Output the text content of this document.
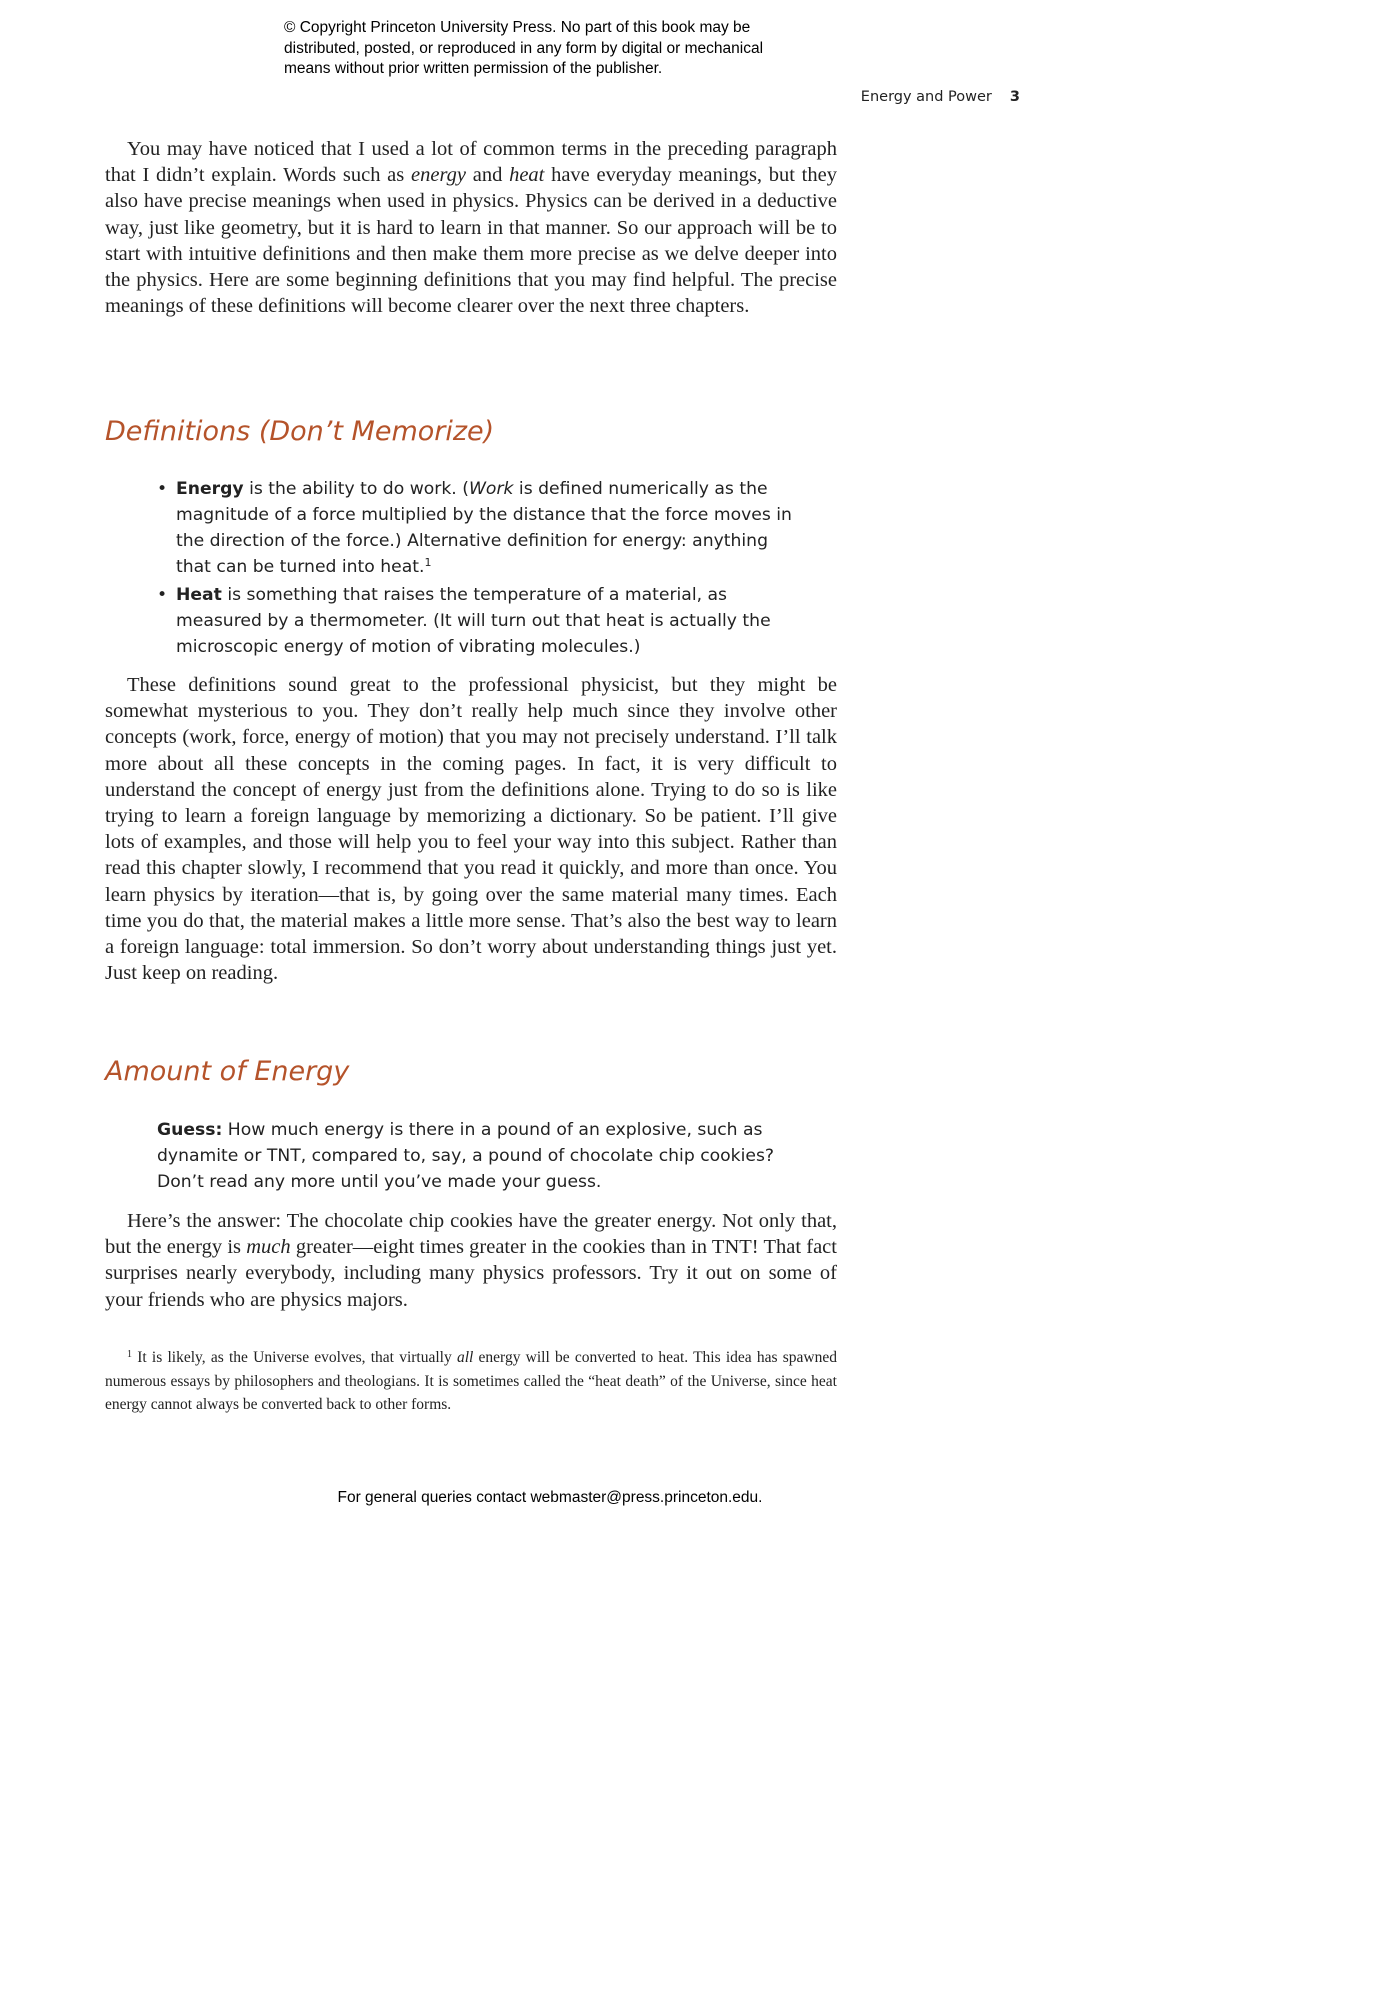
© Copyright Princeton University Press. No part of this book may be
distributed, posted, or reproduced in any form by digital or mechanical
means without prior written permission of the publisher.
Energy and Power 3

You may have noticed that I used a lot of common terms in the preceding paragraph that I didn’t explain. Words such as energy and heat have everyday meanings, but they also have precise meanings when used in physics. Physics can be derived in a deductive way, just like geometry, but it is hard to learn in that manner. So our approach will be to start with intuitive definitions and then make them more precise as we delve deeper into the physics. Here are some beginning definitions that you may find helpful. The precise meanings of these definitions will become clearer over the next three chapters.

Definitions (Don’t Memorize)
• Energy is the ability to do work. (Work is defined numerically as the magnitude of a force multiplied by the distance that the force moves in the direction of the force.) Alternative definition for energy: anything that can be turned into heat.$^1$
• Heat is something that raises the temperature of a material, as measured by a thermometer. (It will turn out that heat is actually the microscopic energy of motion of vibrating molecules.)

These definitions sound great to the professional physicist, but they might be somewhat mysterious to you. They don’t really help much since they involve other concepts (work, force, energy of motion) that you may not precisely understand. I’ll talk more about all these concepts in the coming pages. In fact, it is very difficult to understand the concept of energy just from the definitions alone. Trying to do so is like trying to learn a foreign language by memorizing a dictionary. So be patient. I’ll give lots of examples, and those will help you to feel your way into this subject. Rather than read this chapter slowly, I recommend that you read it quickly, and more than once. You learn physics by iteration—that is, by going over the same material many times. Each time you do that, the material makes a little more sense. That’s also the best way to learn a foreign language: total immersion. So don’t worry about understanding things just yet. Just keep on reading.

Amount of Energy

Guess: How much energy is there in a pound of an explosive, such as dynamite or TNT, compared to, say, a pound of chocolate chip cookies? Don’t read any more until you’ve made your guess.

Here’s the answer: The chocolate chip cookies have the greater energy. Not only that, but the energy is much greater—eight times greater in the cookies than in TNT! That fact surprises nearly everybody, including many physics professors. Try it out on some of your friends who are physics majors.

$^1$ It is likely, as the Universe evolves, that virtually all energy will be converted to heat. This idea has spawned numerous essays by philosophers and theologians. It is sometimes called the “heat death” of the Universe, since heat energy cannot always be converted back to other forms.

For general queries contact webmaster@press.princeton.edu.
